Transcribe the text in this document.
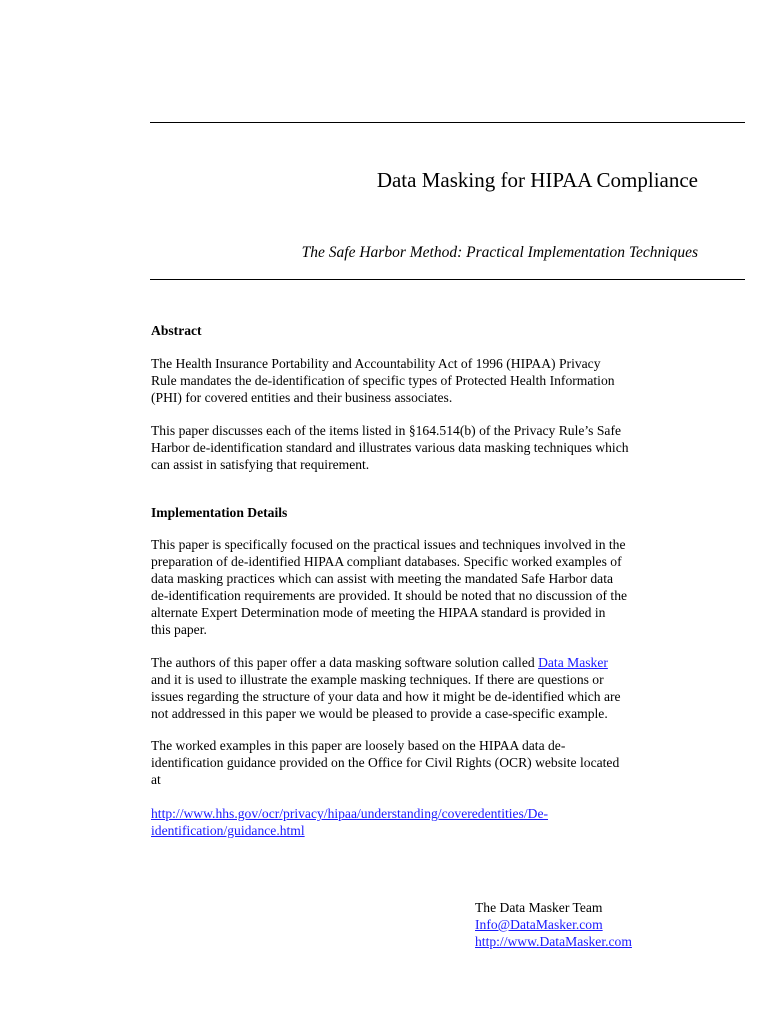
Data Masking for HIPAA Compliance
The Safe Harbor Method: Practical Implementation Techniques
Abstract
The Health Insurance Portability and Accountability Act of 1996 (HIPAA) Privacy
Rule mandates the de-identification of specific types of Protected Health Information
(PHI) for covered entities and their business associates.
This paper discusses each of the items listed in §164.514(b) of the Privacy Rule’s Safe
Harbor de-identification standard and illustrates various data masking techniques which
can assist in satisfying that requirement.
Implementation Details
This paper is specifically focused on the practical issues and techniques involved in the
preparation of de-identified HIPAA compliant databases. Specific worked examples of
data masking practices which can assist with meeting the mandated Safe Harbor data
de-identification requirements are provided. It should be noted that no discussion of the
alternate Expert Determination mode of meeting the HIPAA standard is provided in
this paper.
The authors of this paper offer a data masking software solution called Data Masker
and it is used to illustrate the example masking techniques. If there are questions or
issues regarding the structure of your data and how it might be de-identified which are
not addressed in this paper we would be pleased to provide a case-specific example.
The worked examples in this paper are loosely based on the HIPAA data de-
identification guidance provided on the Office for Civil Rights (OCR) website located
at
http://www.hhs.gov/ocr/privacy/hipaa/understanding/coveredentities/De-
identification/guidance.html
The Data Masker Team
Info@DataMasker.com
http://www.DataMasker.com
